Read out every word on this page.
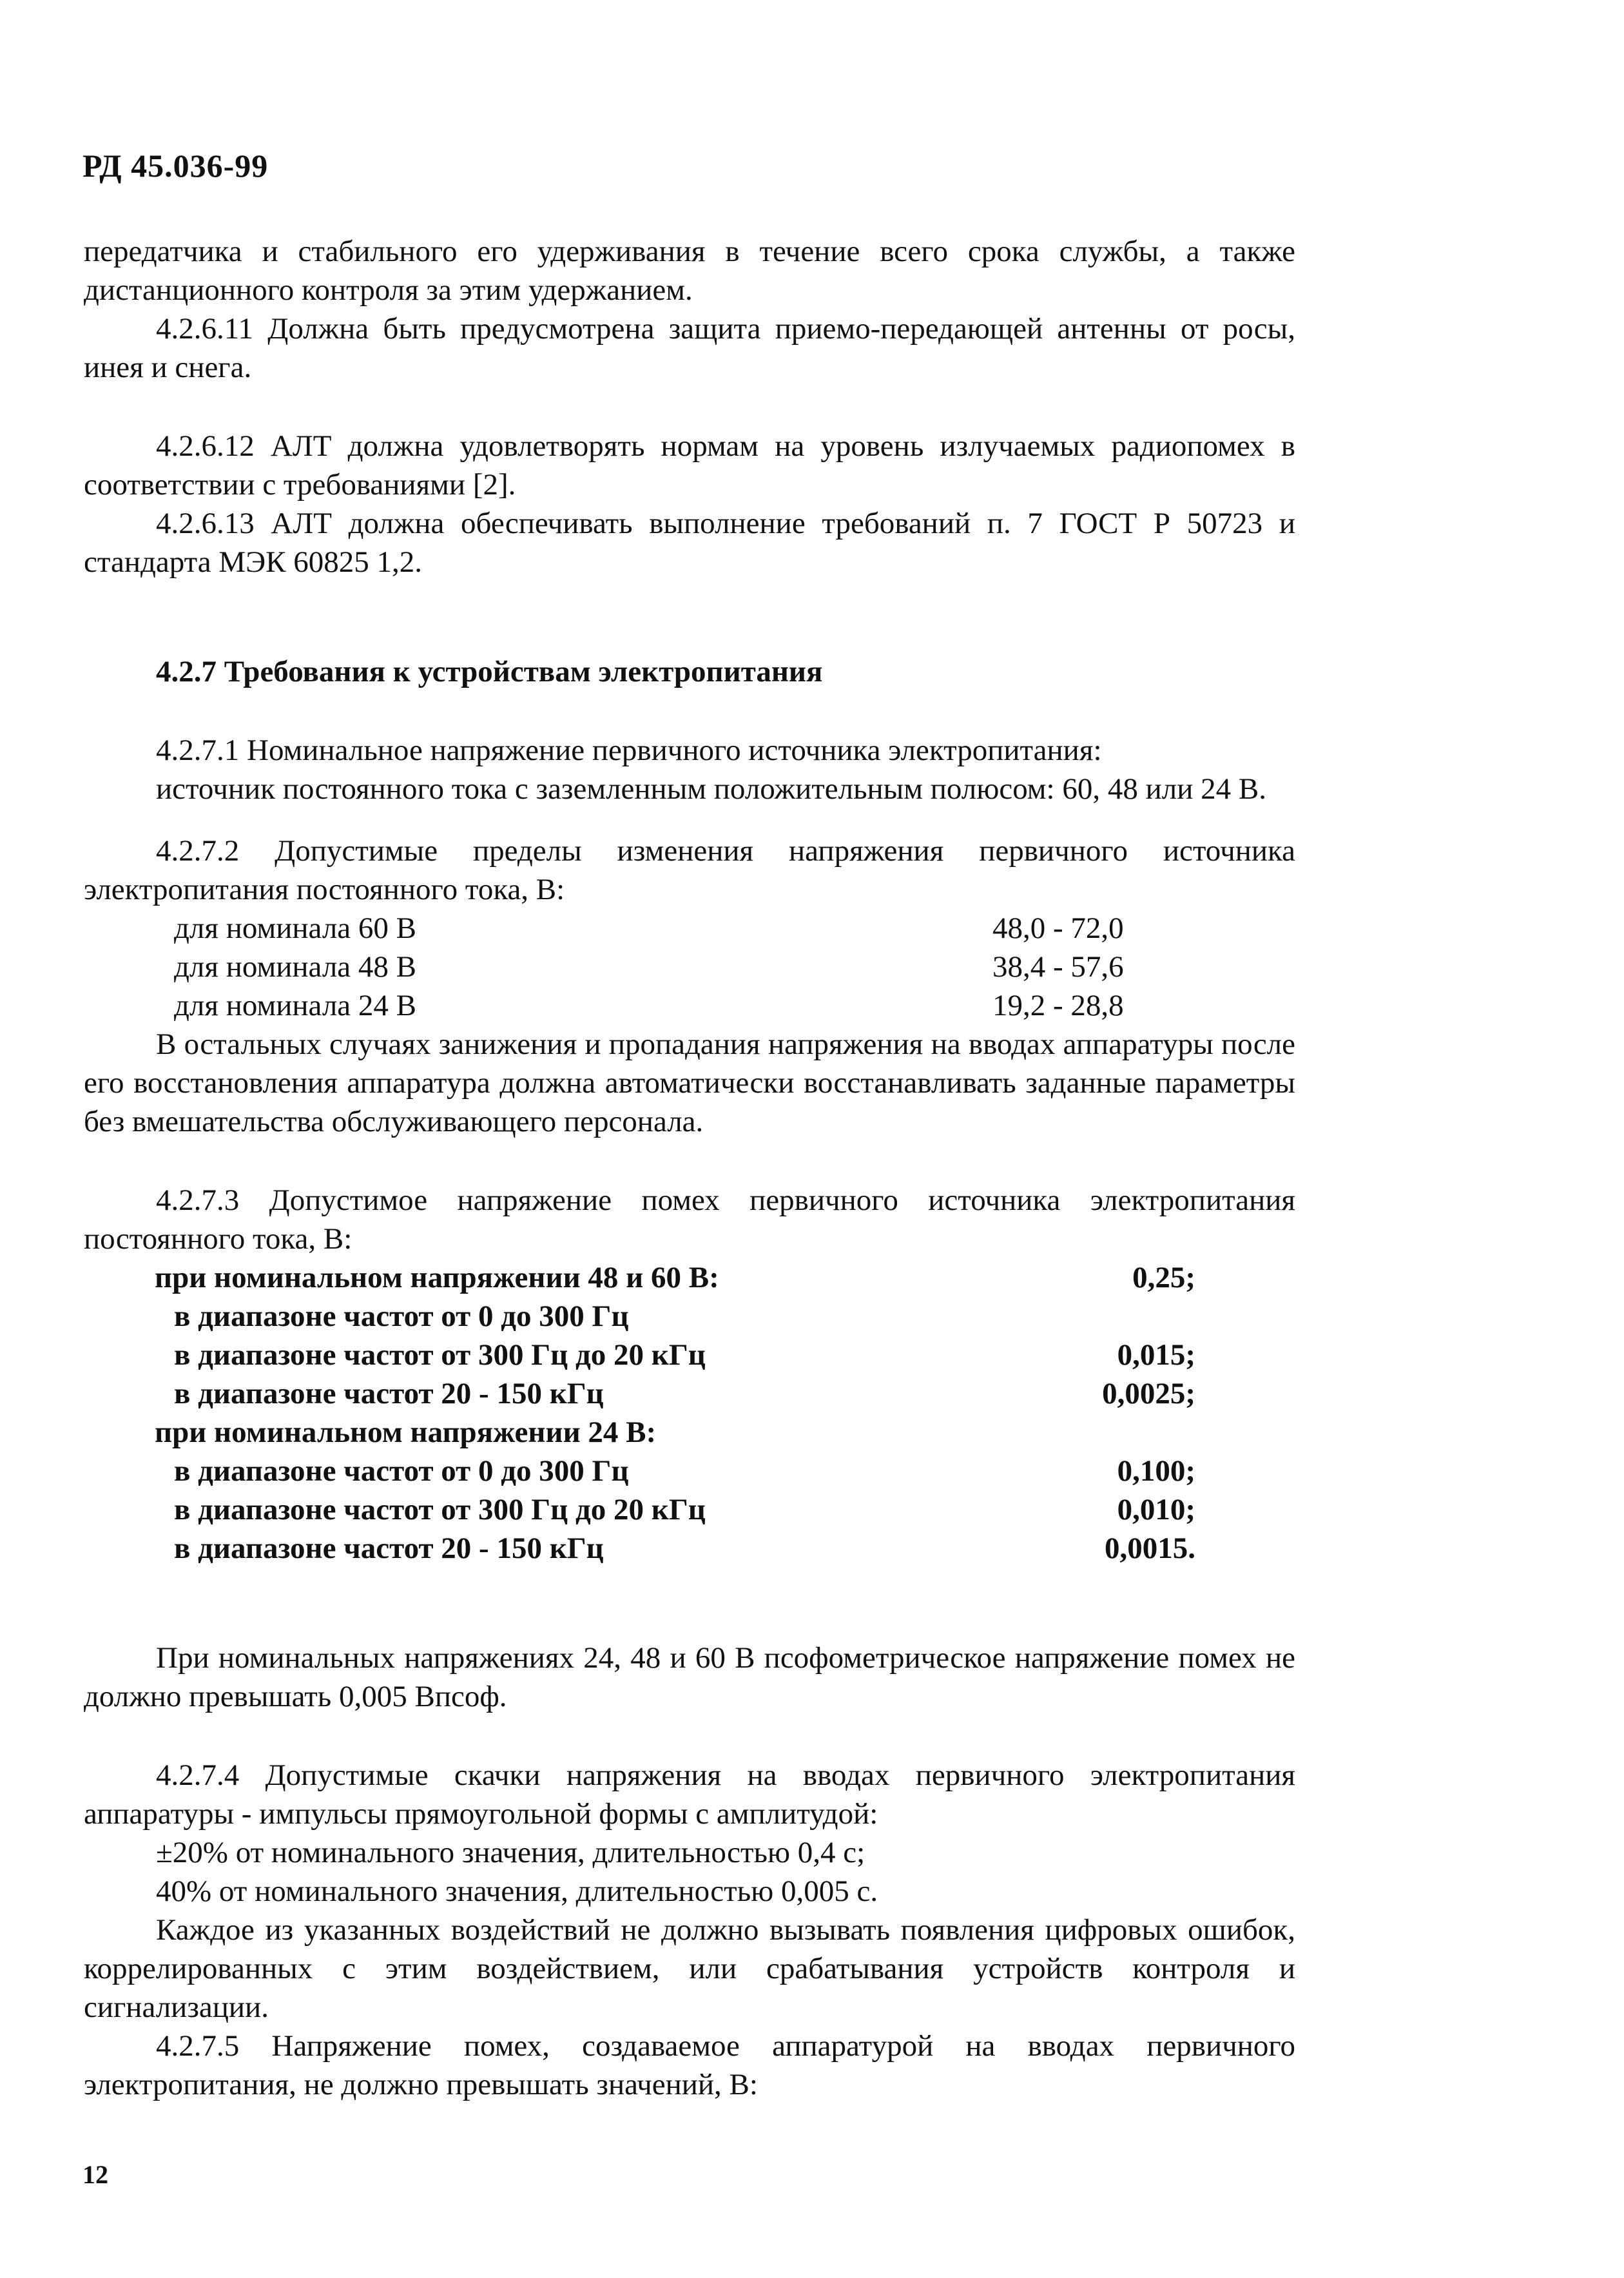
РД 45.036-99

передатчика и стабильного его удерживания в течение всего срока службы, а также дистанционного контроля за этим удержанием.

4.2.6.11 Должна быть предусмотрена защита приемо-передающей антенны от росы, инея и снега.

4.2.6.12 АЛТ должна удовлетворять нормам на уровень излучаемых радиопомех в соответствии с требованиями [2].

4.2.6.13 АЛТ должна обеспечивать выполнение требований п. 7 ГОСТ Р 50723 и стандарта МЭК 60825 1,2.

4.2.7 Требования к устройствам электропитания

4.2.7.1 Номинальное напряжение первичного источника электропитания:

источник постоянного тока с заземленным положительным полюсом: 60, 48 или 24 В.

4.2.7.2 Допустимые пределы изменения напряжения первичного источника электропитания постоянного тока, В:

для номинала 60 В	48,0 - 72,0
для номинала 48 В	38,4 - 57,6
для номинала 24 В	19,2 - 28,8

В остальных случаях занижения и пропадания напряжения на вводах аппаратуры после его восстановления аппаратура должна автоматически восстанавливать заданные параметры без вмешательства обслуживающего персонала.

4.2.7.3 Допустимое напряжение помех первичного источника электропитания постоянного тока, В:

при номинальном напряжении 48 и 60 В:	0,25;
в диапазоне частот от 0 до 300 Гц	
в диапазоне частот от 300 Гц до 20 кГц	0,015;
в диапазоне частот 20 - 150 кГц	0,0025;
при номинальном напряжении 24 В:	
в диапазоне частот от 0 до 300 Гц	0,100;
в диапазоне частот от 300 Гц до 20 кГц	0,010;
в диапазоне частот 20 - 150 кГц	0,0015.

При номинальных напряжениях 24, 48 и 60 В псофометрическое напряжение помех не должно превышать 0,005 Впсоф.

4.2.7.4 Допустимые скачки напряжения на вводах первичного электропитания аппаратуры - импульсы прямоугольной формы с амплитудой:

±20% от номинального значения, длительностью 0,4 с;

40% от номинального значения, длительностью 0,005 с.

Каждое из указанных воздействий не должно вызывать появления цифровых ошибок, коррелированных с этим воздействием, или срабатывания устройств контроля и сигнализации.

4.2.7.5 Напряжение помех, создаваемое аппаратурой на вводах первичного электропитания, не должно превышать значений, В:

12
